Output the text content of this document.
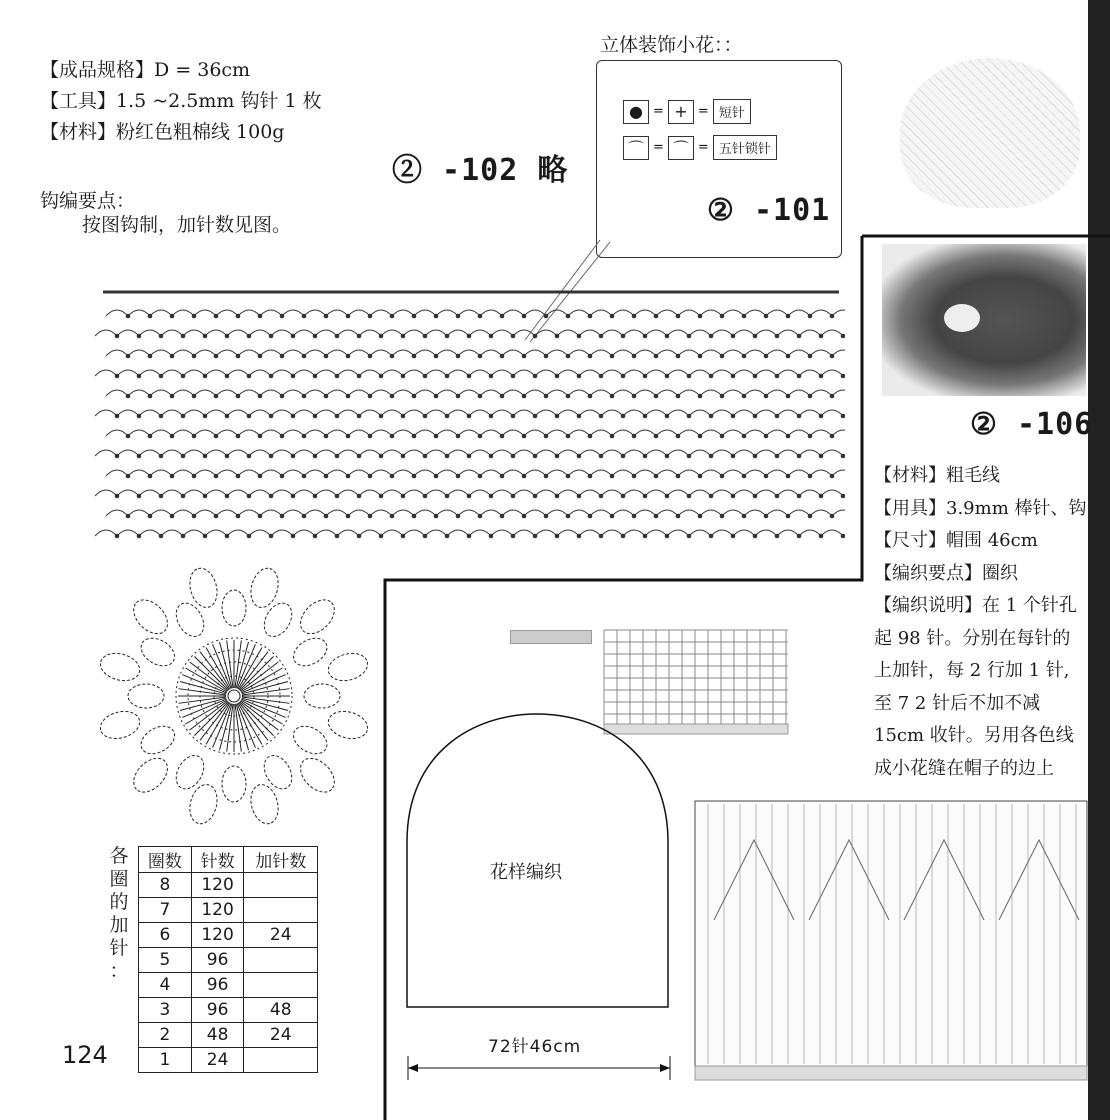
【成品规格】D = 36cm
【工具】1.5 ~2.5mm 钩针 1 枚
【材料】粉红色粗棉线 100g
钩编要点：
按图钩制，加针数见图。
② -102 略
立体装饰小花：：
● = + = 短针
⌒ = ⌒ = 五针锁针
② -101
② -106
【材料】粗毛线
【用具】3.9mm 棒针、钩
【尺寸】帽围 46cm
【编织要点】圈织
【编织说明】在 1 个针孔
起 98 针。分别在每针的
上加针，每 2 行加 1 针,
至 7 2 针后不加不减
15cm 收针。另用各色线
成小花缝在帽子的边上
各
圈
的
加
针
：
圈数	针数	加针数
8	120	
7	120	
6	120	24
5	96	
4	96	
3	96	48
2	48	24
1	24	
124
花样编织
72针46cm
